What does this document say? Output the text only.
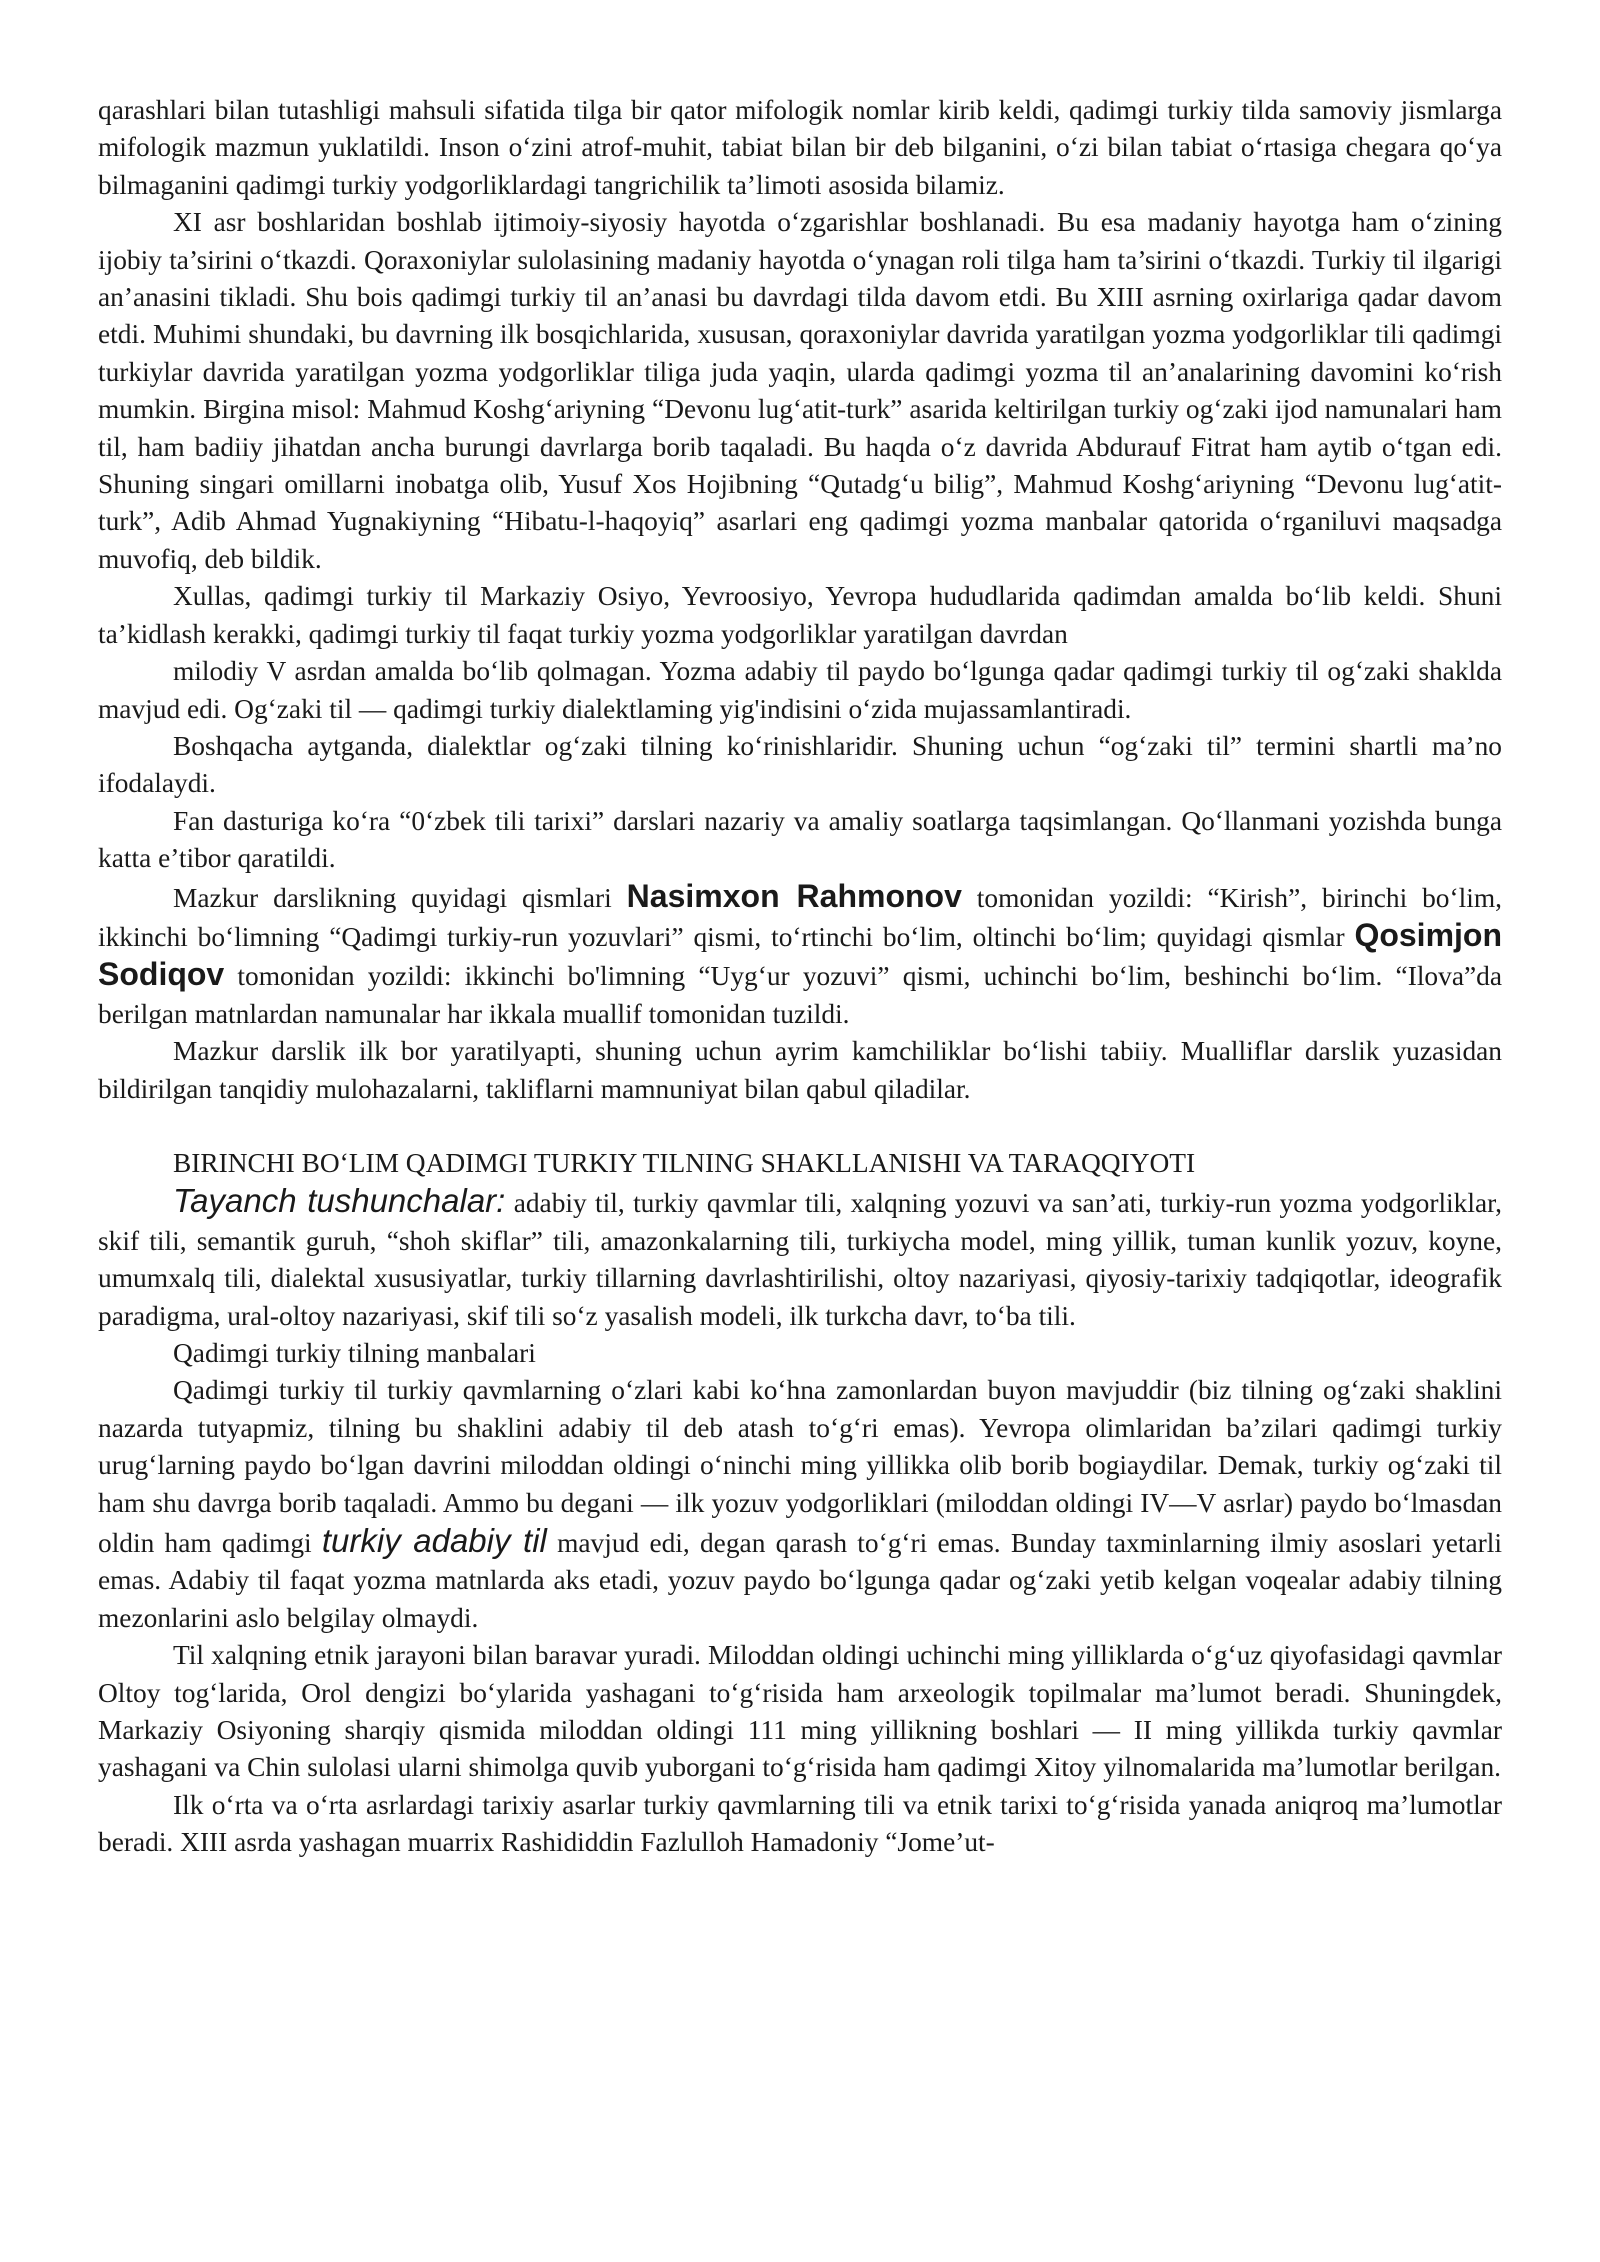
qarashlari bilan tutashligi mahsuli sifatida tilga bir qator mifologik nomlar kirib keldi, qadimgi turkiy tilda samoviy jismlarga mifologik mazmun yuklatildi. Inson o‘zini atrof-muhit, tabiat bilan bir deb bilganini, o‘zi bilan tabiat o‘rtasiga chegara qo‘ya bilmaganini qadimgi turkiy yodgorliklardagi tangrichilik ta’limoti asosida bilamiz.

XI asr boshlaridan boshlab ijtimoiy-siyosiy hayotda o‘zgarishlar boshlanadi. Bu esa madaniy hayotga ham o‘zining ijobiy ta’sirini o‘tkazdi. Qoraxoniylar sulolasining madaniy hayotda o‘ynagan roli tilga ham ta’sirini o‘tkazdi. Turkiy til ilgarigi an’anasini tikladi. Shu bois qadimgi turkiy til an’anasi bu davrdagi tilda davom etdi. Bu XIII asrning oxirlariga qadar davom etdi. Muhimi shundaki, bu davrning ilk bosqichlarida, xususan, qoraxoniylar davrida yaratilgan yozma yodgorliklar tili qadimgi turkiylar davrida yaratilgan yozma yodgorliklar tiliga juda yaqin, ularda qadimgi yozma til an’analarining davomini ko‘rish mumkin. Birgina misol: Mahmud Koshg‘ariyning “Devonu lug‘atit-turk” asarida keltirilgan turkiy og‘zaki ijod namunalari ham til, ham badiiy jihatdan ancha burungi davrlarga borib taqaladi. Bu haqda o‘z davrida Abdurauf Fitrat ham aytib o‘tgan edi. Shuning singari omillarni inobatga olib, Yusuf Xos Hojibning “Qutadg‘u bilig”, Mahmud Koshg‘ariyning “Devonu lug‘atit-turk”, Adib Ahmad Yugnakiyning “Hibatu-l-haqoyiq” asarlari eng qadimgi yozma manbalar qatorida o‘rganiluvi maqsadga muvofiq, deb bildik.

Xullas, qadimgi turkiy til Markaziy Osiyo, Yevroosiyo, Yevropa hududlarida qadimdan amalda bo‘lib keldi. Shuni ta’kidlash kerakki, qadimgi turkiy til faqat turkiy yozma yodgorliklar yaratilgan davrdan

milodiy V asrdan amalda bo‘lib qolmagan. Yozma adabiy til paydo bo‘lgunga qadar qadimgi turkiy til og‘zaki shaklda mavjud edi. Og‘zaki til — qadimgi turkiy dialektlaming yig'indisini o‘zida mujassamlantiradi.

Boshqacha aytganda, dialektlar og‘zaki tilning ko‘rinishlaridir. Shuning uchun “og‘zaki til” termini shartli ma’no ifodalaydi.

Fan dasturiga ko‘ra “0‘zbek tili tarixi” darslari nazariy va amaliy soatlarga taqsimlangan. Qo‘llanmani yozishda bunga katta e’tibor qaratildi.

Mazkur darslikning quyidagi qismlari Nasimxon Rahmonov tomonidan yozildi: “Kirish”, birinchi bo‘lim, ikkinchi bo‘limning “Qadimgi turkiy-run yozuvlari” qismi, to‘rtinchi bo‘lim, oltinchi bo‘lim; quyidagi qismlar Qosimjon Sodiqov tomonidan yozildi: ikkinchi bo'limning “Uyg‘ur yozuvi” qismi, uchinchi bo‘lim, beshinchi bo‘lim. “Ilova”da berilgan matnlardan namunalar har ikkala muallif tomonidan tuzildi.

Mazkur darslik ilk bor yaratilyapti, shuning uchun ayrim kamchiliklar bo‘lishi tabiiy. Mualliflar darslik yuzasidan bildirilgan tanqidiy mulohazalarni, takliflarni mamnuniyat bilan qabul qiladilar.

BIRINCHI BO‘LIM QADIMGI TURKIY TILNING SHAKLLANISHI VA TARAQQIYOTI

Tayanch tushunchalar: adabiy til, turkiy qavmlar tili, xalqning yozuvi va san’ati, turkiy-run yozma yodgorliklar, skif tili, semantik guruh, “shoh skiflar” tili, amazonkalarning tili, turkiycha model, ming yillik, tuman kunlik yozuv, koyne, umumxalq tili, dialektal xususiyatlar, turkiy tillarning davrlashtirilishi, oltoy nazariyasi, qiyosiy-tarixiy tadqiqotlar, ideografik paradigma, ural-oltoy nazariyasi, skif tili so‘z yasalish modeli, ilk turkcha davr, to‘ba tili.

Qadimgi turkiy tilning manbalari

Qadimgi turkiy til turkiy qavmlarning o‘zlari kabi ko‘hna zamonlardan buyon mavjuddir (biz tilning og‘zaki shaklini nazarda tutyapmiz, tilning bu shaklini adabiy til deb atash to‘g‘ri emas). Yevropa olimlaridan ba’zilari qadimgi turkiy urug‘larning paydo bo‘lgan davrini miloddan oldingi o‘ninchi ming yillikka olib borib bogiaydilar. Demak, turkiy og‘zaki til ham shu davrga borib taqaladi. Ammo bu degani — ilk yozuv yodgorliklari (miloddan oldingi IV—V asrlar) paydo bo‘lmasdan oldin ham qadimgi turkiy adabiy til mavjud edi, degan qarash to‘g‘ri emas. Bunday taxminlarning ilmiy asoslari yetarli emas. Adabiy til faqat yozma matnlarda aks etadi, yozuv paydo bo‘lgunga qadar og‘zaki yetib kelgan voqealar adabiy tilning mezonlarini aslo belgilay olmaydi.

Til xalqning etnik jarayoni bilan baravar yuradi. Miloddan oldingi uchinchi ming yilliklarda o‘g‘uz qiyofasidagi qavmlar Oltoy tog‘larida, Orol dengizi bo‘ylarida yashagani to‘g‘risida ham arxeologik topilmalar ma’lumot beradi. Shuningdek, Markaziy Osiyoning sharqiy qismida miloddan oldingi 111 ming yillikning boshlari — II ming yillikda turkiy qavmlar yashagani va Chin sulolasi ularni shimolga quvib yuborgani to‘g‘risida ham qadimgi Xitoy yilnomalarida ma’lumotlar berilgan.

Ilk o‘rta va o‘rta asrlardagi tarixiy asarlar turkiy qavmlarning tili va etnik tarixi to‘g‘risida yanada aniqroq ma’lumotlar beradi. XIII asrda yashagan muarrix Rashididdin Fazlulloh Hamadoniy “Jome’ut-
